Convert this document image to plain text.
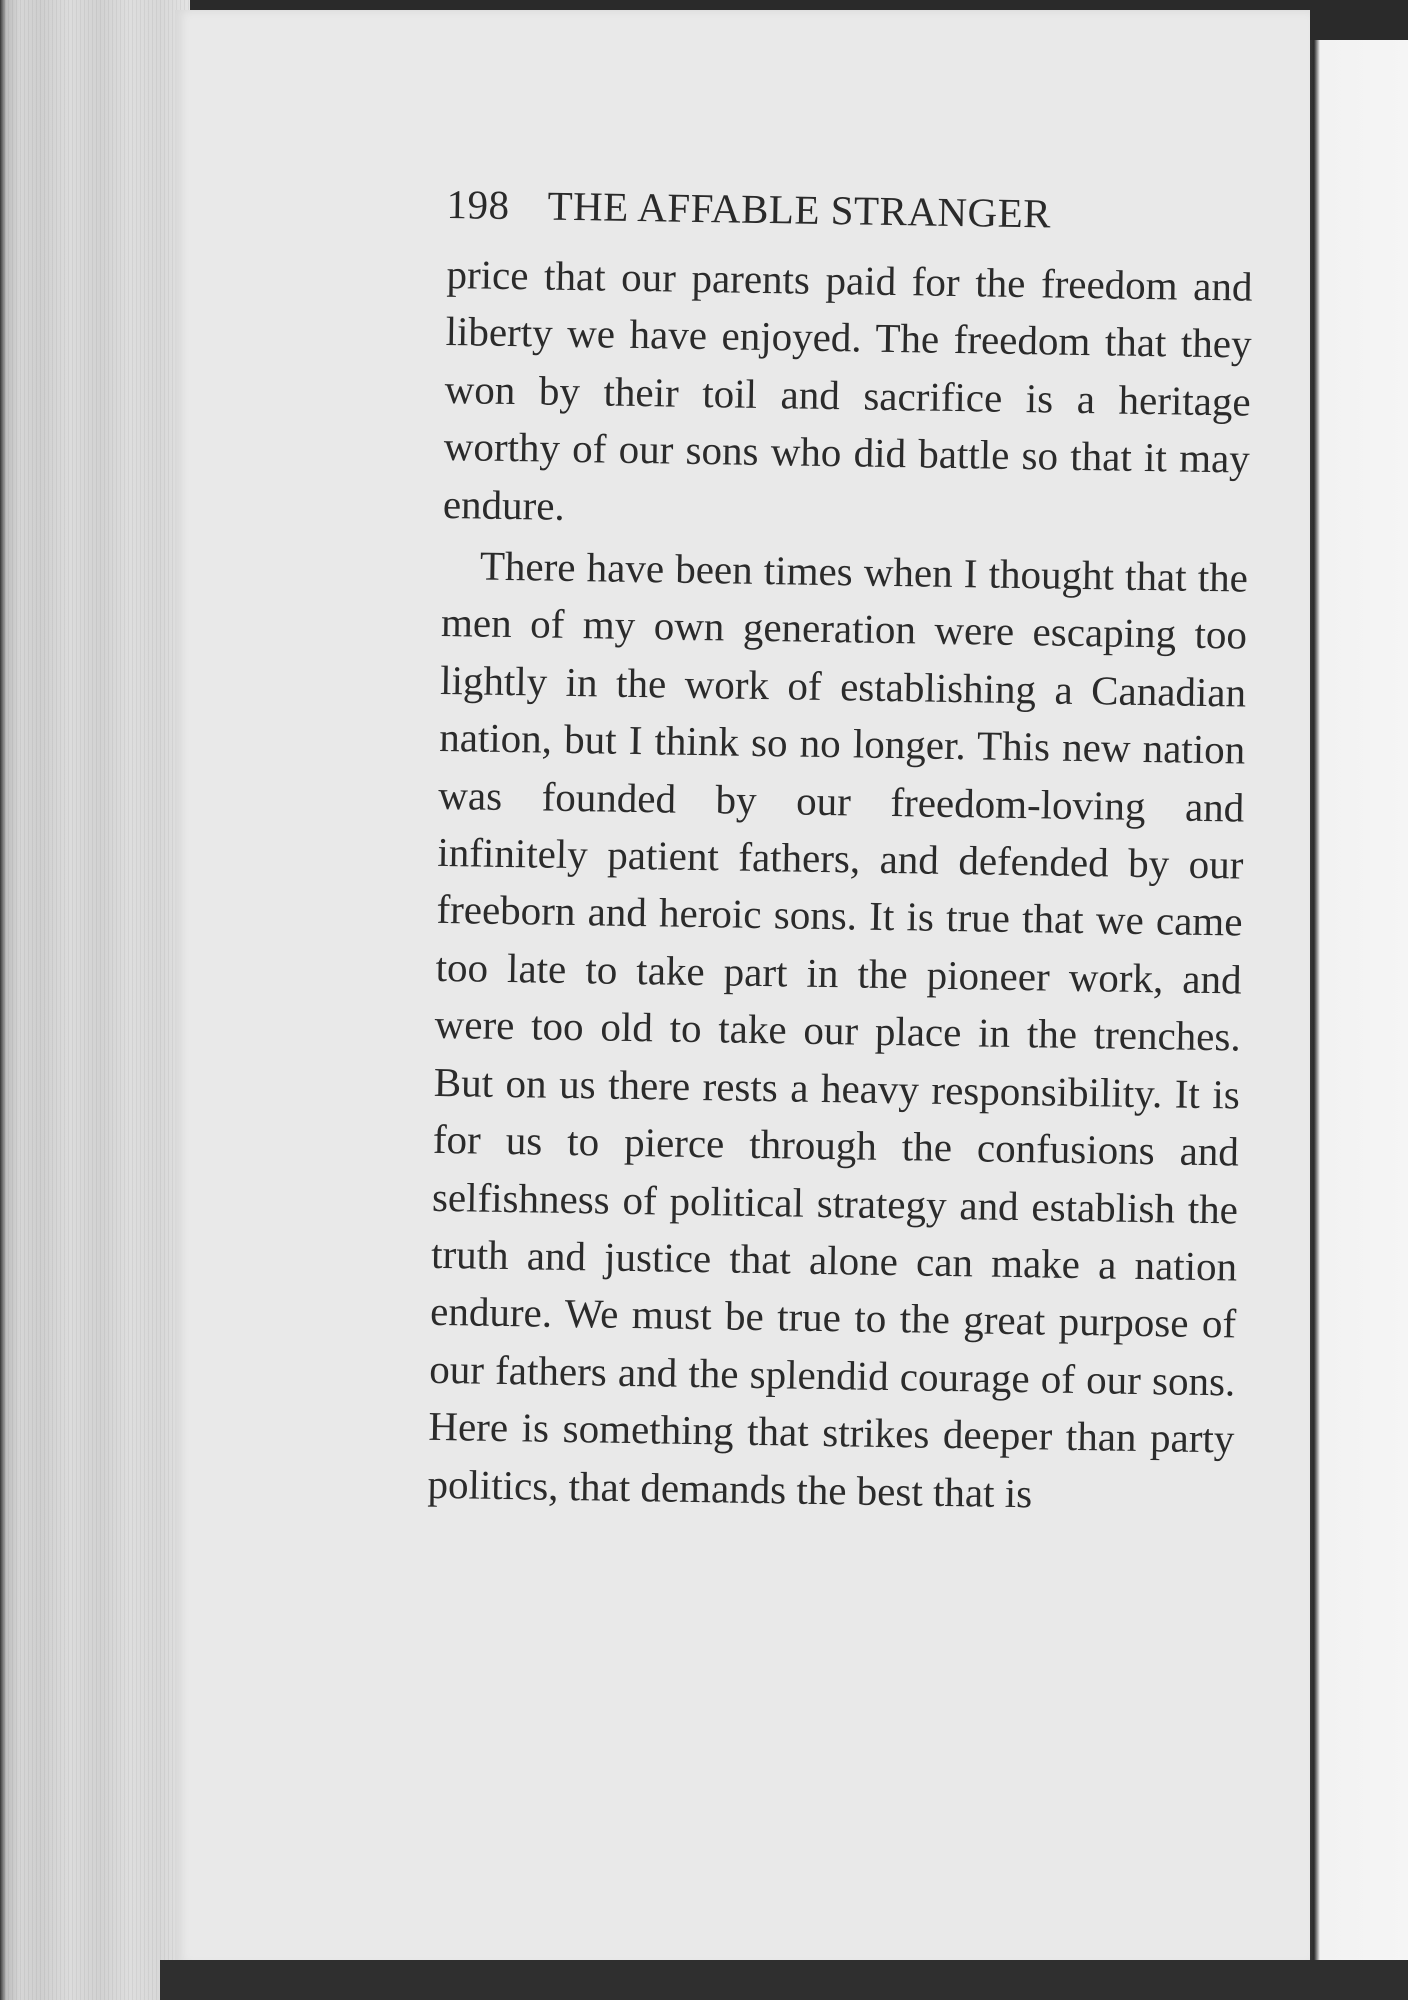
198 THE AFFABLE STRANGER

price that our parents paid for the freedom and liberty we have enjoyed. The freedom that they won by their toil and sacrifice is a heritage worthy of our sons who did battle so that it may endure.

There have been times when I thought that the men of my own generation were escaping too lightly in the work of establishing a Canadian nation, but I think so no longer. This new nation was founded by our freedom-loving and infinitely patient fathers, and defended by our freeborn and heroic sons. It is true that we came too late to take part in the pioneer work, and were too old to take our place in the trenches. But on us there rests a heavy responsibility. It is for us to pierce through the confusions and selfishness of political strategy and establish the truth and justice that alone can make a nation endure. We must be true to the great purpose of our fathers and the splendid courage of our sons. Here is something that strikes deeper than party politics, that demands the best that is
